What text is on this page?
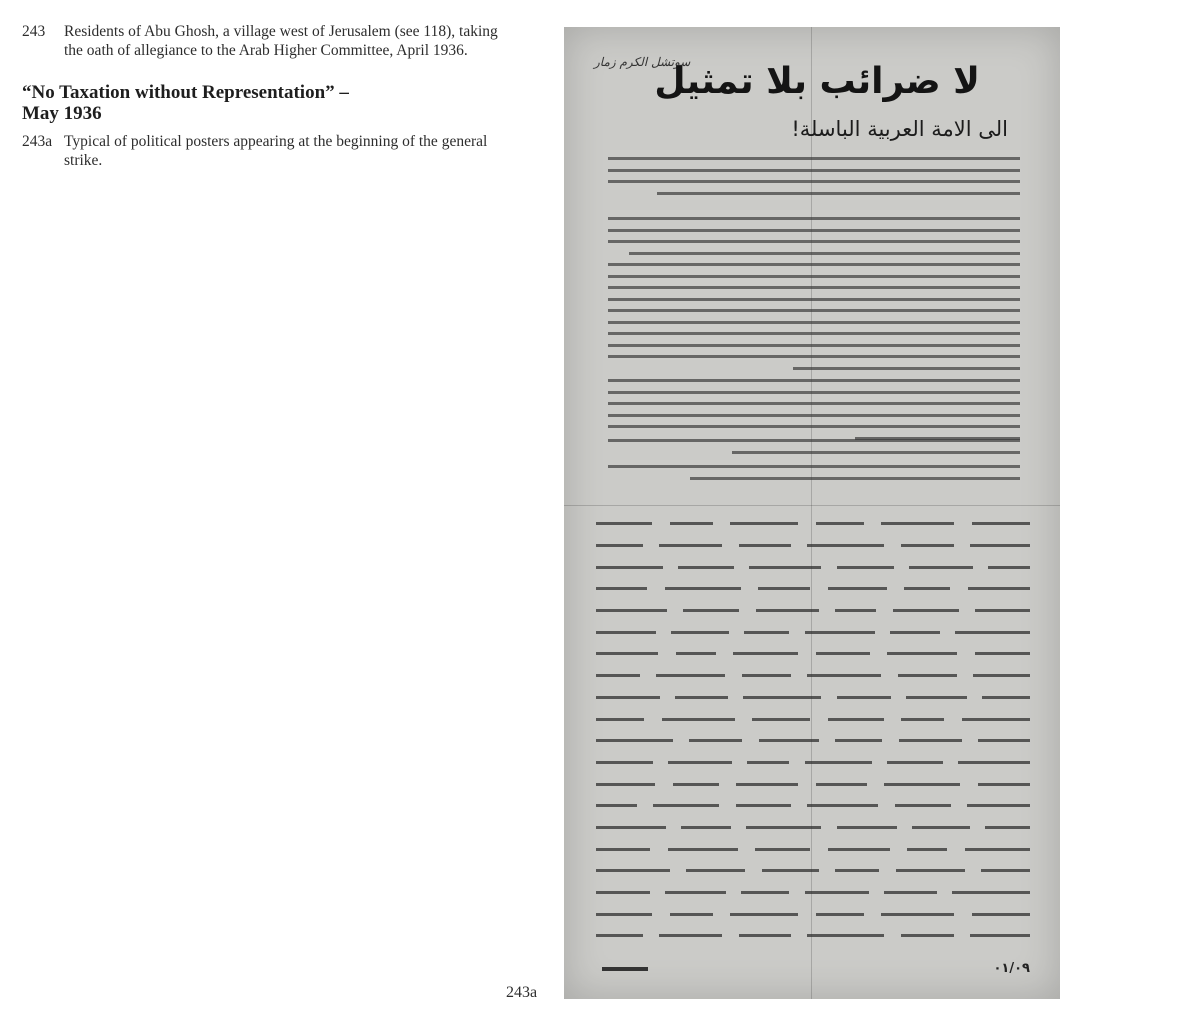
243	Residents of Abu Ghosh, a village west of Jerusalem (see 118), taking the oath of allegiance to the Arab Higher Committee, April 1936.
“No Taxation without Representation” –
May 1936
243a Typical of political posters appearing at the beginning of the general strike.
سوتشل الكرم زمار
لا ضرائب بلا تمثيل
الى الامة العربية الباسلة!
٠١/٠٩
243a
